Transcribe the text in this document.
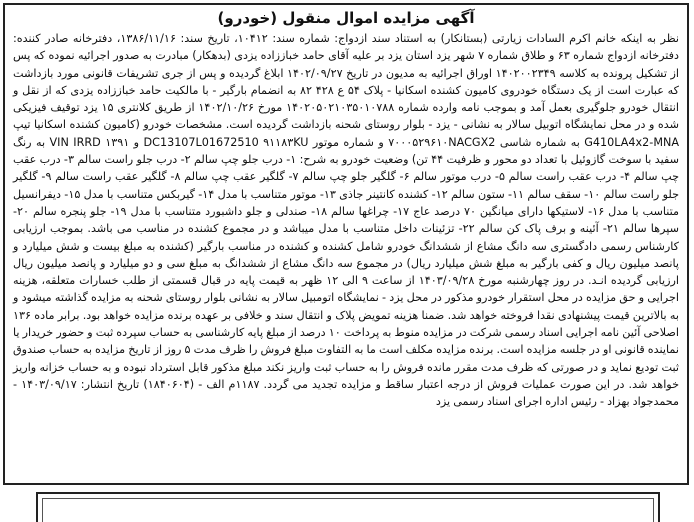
آگهی مزایده اموال منقول (خودرو)

نظر به اینکه خانم اکرم السادات زیارتی (بستانکار) به استناد سند ازدواج: شماره سند: ۱۰۴۱۲، تاریخ سند: ۱۳۸۶/۱۱/۱۶، دفترخانه صادر کننده: دفترخانه ازدواج شماره ۶۳ و طلاق شماره ۷ شهر یزد استان یزد بر علیه آقای حامد خباززاده یزدی (بدهکار) مبادرت به صدور اجرائیه نموده که پس از تشکیل پرونده به کلاسه ۱۴۰۲۰۰۲۳۴۹ اوراق اجرائیه به مدیون در تاریخ ۱۴۰۲/۰۹/۲۷ ابلاغ گردیده و پس از جری تشریفات قانونی مورد بازداشت که عبارت است از یک دستگاه خودروی کامیون کشنده اسکانیا - پلاک ۵۴ ع ۴۲۸ ۸۲ به انضمام بارگیر - با مالکیت حامد خباززاده یزدی که از نقل و انتقال خودرو جلوگیری بعمل آمد و بموجب نامه وارده شماره ۱۴۰۲۰۵۰۲۱۰۳۵۰۱۰۷۸۸ مورخ ۱۴۰۲/۱۰/۲۶ از طریق کلانتری ۱۵ یزد توقیف فیزیکی شده و در محل نمایشگاه اتوبیل سالار به نشانی - یزد - بلوار روستای شحنه بازداشت گردیده است. مشخصات خودرو (کامیون کشنده اسکانیا تیپ G410LA4x2-MNA به شماره شاسی ۷۰۰۰۵۲۹۶۱۰NACGX2 و شماره موتور DC13107L01672510 ۹۱۱۸۳KU و VIN IRRD ۱۳۹۱ به رنگ سفید با سوخت گازوئیل با تعداد دو محور و ظرفیت ۴۴ تن) وضعیت خودرو به شرح: ۱- درب جلو چپ سالم ۲- درب جلو راست سالم ۳- درب عقب چپ سالم ۴- درب عقب راست سالم ۵- درب موتور سالم ۶- گلگیر جلو چپ سالم ۷- گلگیر عقب چپ سالم ۸- گلگیر عقب راست سالم ۹- گلگیر جلو راست سالم ۱۰- سقف سالم ۱۱- ستون سالم ۱۲- کشنده کانتینر جاذی ۱۳- موتور متناسب با مدل ۱۴- گیربکس متناسب با مدل ۱۵- دیفرانسیل متناسب با مدل ۱۶- لاستیکها دارای میانگین ۷۰ درصد عاج ۱۷- چراغها سالم ۱۸- صندلی و جلو داشبورد متناسب با مدل ۱۹- جلو پنجره سالم ۲۰- سپرها سالم ۲۱- آئینه و برف پاک کن سالم ۲۲- تزئینات داخل متناسب با مدل میباشد و در مجموع کشنده در مناسب می باشد. بموجب ارزیابی کارشناس رسمی دادگستری سه دانگ مشاع از ششدانگ خودرو شامل کشنده و کشنده در مناسب بارگیر (کشنده به مبلغ بیست و شش میلیارد و پانصد میلیون ریال و کفی بارگیر به مبلغ شش میلیارد ریال) در مجموع سه دانگ مشاع از ششدانگ به مبلغ سی و دو میلیارد و پانصد میلیون ریال ارزیابی گردیده انـد. در روز چهارشنبه مورخ ۱۴۰۳/۰۹/۲۸ از ساعت ۹ الی ۱۲ ظهر به قیمت پایه در قبال قسمتی از طلب خسارات متعلقه، هزینه اجرایی و حق مزایده در محل استقرار خودرو مذکور در محل یزد - نمایشگاه اتومبیل سالار به نشانی بلوار روستای شحنه به مزایده گذاشته میشود و به بالاترین قیمت پیشنهادی نقدا فروخته خواهد شد. ضمنا هزینه تمویض پلاک و انتقال سند و خلافی بر عهده برنده مزایده خواهد بود. برابر ماده ۱۳۶ اصلاحی آئین نامه اجرایی اسناد رسمی شرکت در مزایده منوط به پرداخت ۱۰ درصد از مبلغ پایه کارشناسی به حساب سپرده ثبت و حضور خریدار یا نماینده قانونی او در جلسه مزایده است. برنده مزایده مکلف است ما به التفاوت مبلغ فروش را ظرف مدت ۵ روز از تاریخ مزایده به حساب صندوق ثبت تودیع نماید و در صورتی که ظرف مدت مقرر مانده فروش را به حساب ثبت واریز نکند مبلغ مذکور قابل استرداد نبوده و به حساب خزانه واریز خواهد شد. در این صورت عملیات فروش از درجه اعتبار ساقط و مزایده تجدید می گردد. ۱۱۸۷م الف - (۱۸۴۰۶۰۴) تاریخ انتشار: ۱۴۰۳/۰۹/۱۷ - محمدجواد بهزاد - رئیس اداره اجرای اسناد رسمی یزد
